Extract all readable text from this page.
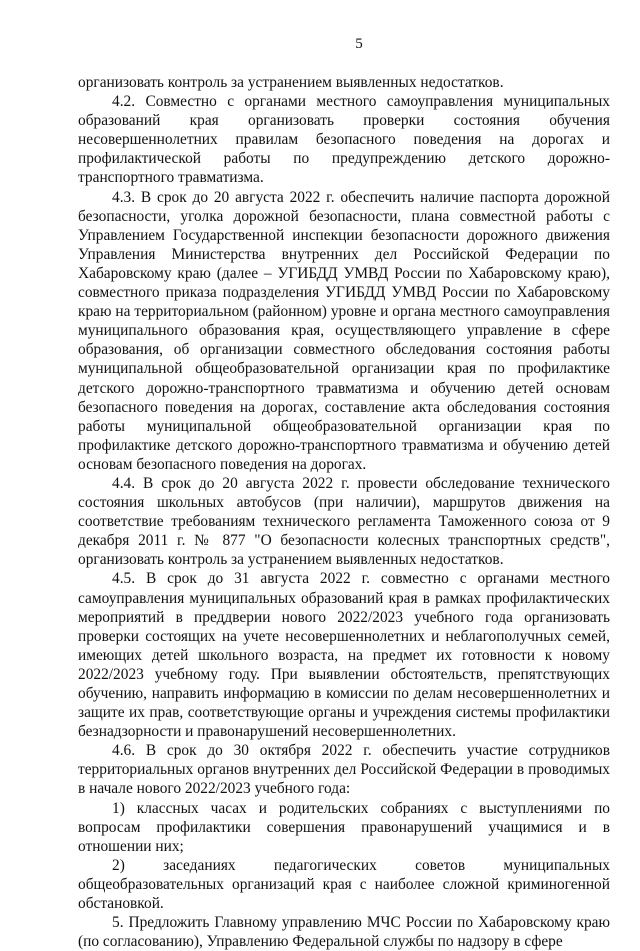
5

организовать контроль за устранением выявленных недостатков.

4.2. Совместно с органами местного самоуправления муниципальных образований края организовать проверки состояния обучения несовершеннолетних правилам безопасного поведения на дорогах и профилактической работы по предупреждению детского дорожно-транспортного травматизма.

4.3. В срок до 20 августа 2022 г. обеспечить наличие паспорта дорожной безопасности, уголка дорожной безопасности, плана совместной работы с Управлением Государственной инспекции безопасности дорожного движения Управления Министерства внутренних дел Российской Федерации по Хабаровскому краю (далее – УГИБДД УМВД России по Хабаровскому краю), совместного приказа подразделения УГИБДД УМВД России по Хабаровскому краю на территориальном (районном) уровне и органа местного самоуправления муниципального образования края, осуществляющего управление в сфере образования, об организации совместного обследования состояния работы муниципальной общеобразовательной организации края по профилактике детского дорожно-транспортного травматизма и обучению детей основам безопасного поведения на дорогах, составление акта обследования состояния работы муниципальной общеобразовательной организации края по профилактике детского дорожно-транспортного травматизма и обучению детей основам безопасного поведения на дорогах.

4.4. В срок до 20 августа 2022 г. провести обследование технического состояния школьных автобусов (при наличии), маршрутов движения на соответствие требованиям технического регламента Таможенного союза от 9 декабря 2011 г. № 877 "О безопасности колесных транспортных средств", организовать контроль за устранением выявленных недостатков.

4.5. В срок до 31 августа 2022 г. совместно с органами местного самоуправления муниципальных образований края в рамках профилактических мероприятий в преддверии нового 2022/2023 учебного года организовать проверки состоящих на учете несовершеннолетних и неблагополучных семей, имеющих детей школьного возраста, на предмет их готовности к новому 2022/2023 учебному году. При выявлении обстоятельств, препятствующих обучению, направить информацию в комиссии по делам несовершеннолетних и защите их прав, соответствующие органы и учреждения системы профилактики безнадзорности и правонарушений несовершеннолетних.

4.6. В срок до 30 октября 2022 г. обеспечить участие сотрудников территориальных органов внутренних дел Российской Федерации в проводимых в начале нового 2022/2023 учебного года:

1) классных часах и родительских собраниях с выступлениями по вопросам профилактики совершения правонарушений учащимися и в отношении них;

2) заседаниях педагогических советов муниципальных общеобразовательных организаций края с наиболее сложной криминогенной обстановкой.

5. Предложить Главному управлению МЧС России по Хабаровскому краю (по согласованию), Управлению Федеральной службы по надзору в сфере
